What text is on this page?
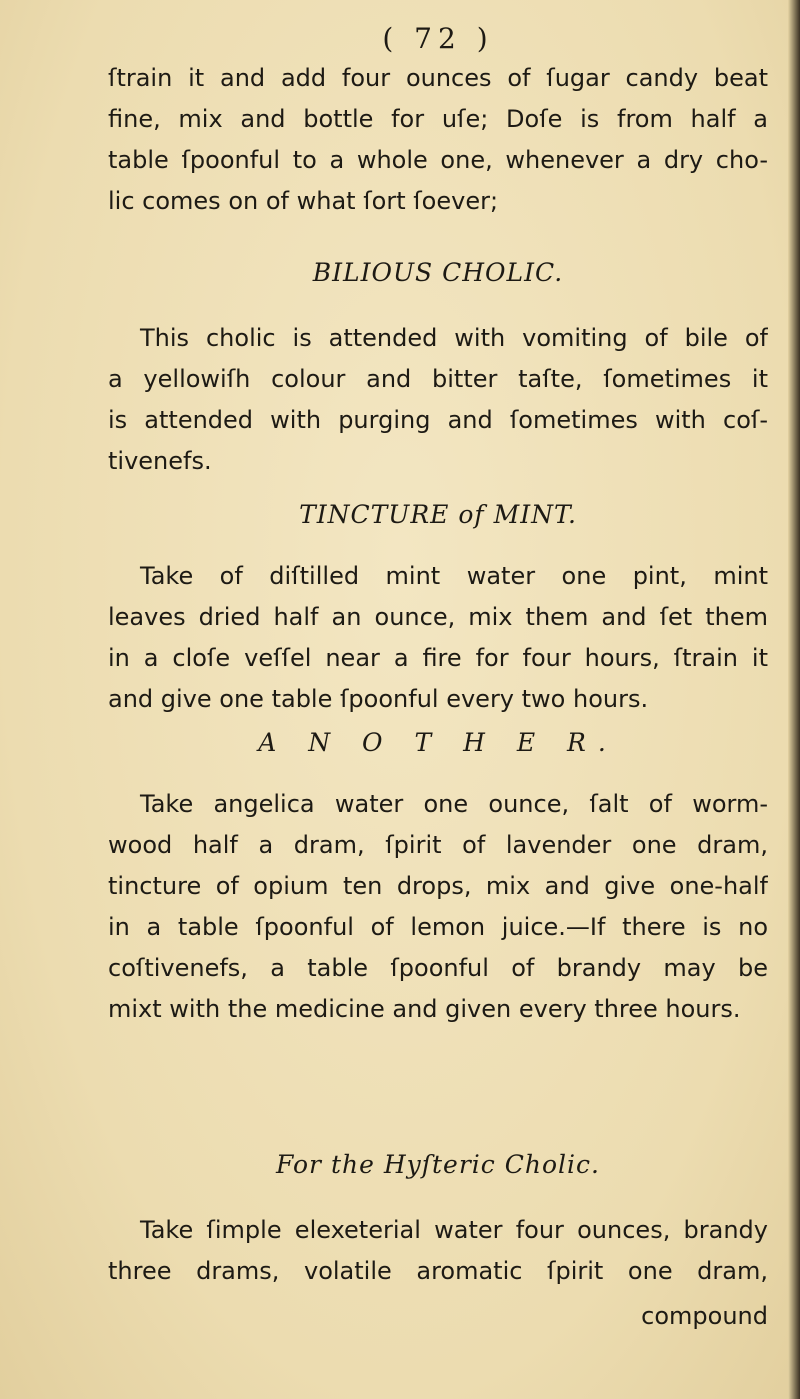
( 72 )
ſtrain it and add four ounces of ſugar candy beat
fine, mix and bottle for uſe; Doſe is from half a
table ſpoonful to a whole one, whenever a dry cho-
lic comes on of what ſort ſoever;
BILIOUS CHOLIC.
This cholic is attended with vomiting of bile of
a yellowiſh colour and bitter taſte, ſometimes it
is attended with purging and ſometimes with coſ-
tivenefs.
TINCTURE of MINT.
Take of diſtilled mint water one pint, mint
leaves dried half an ounce, mix them and ſet them
in a cloſe veſſel near a fire for four hours, ſtrain it
and give one table ſpoonful every two hours.
A N O T H E R.
Take angelica water one ounce, ſalt of worm-
wood half a dram, ſpirit of lavender one dram,
tincture of opium ten drops, mix and give one-half
in a table ſpoonful of lemon juice.—If there is no
coſtivenefs, a table ſpoonful of brandy may be
mixt with the medicine and given every three hours.
For the Hyſteric Cholic.
Take ſimple elexeterial water four ounces, brandy
three drams, volatile aromatic ſpirit one dram,
compound
